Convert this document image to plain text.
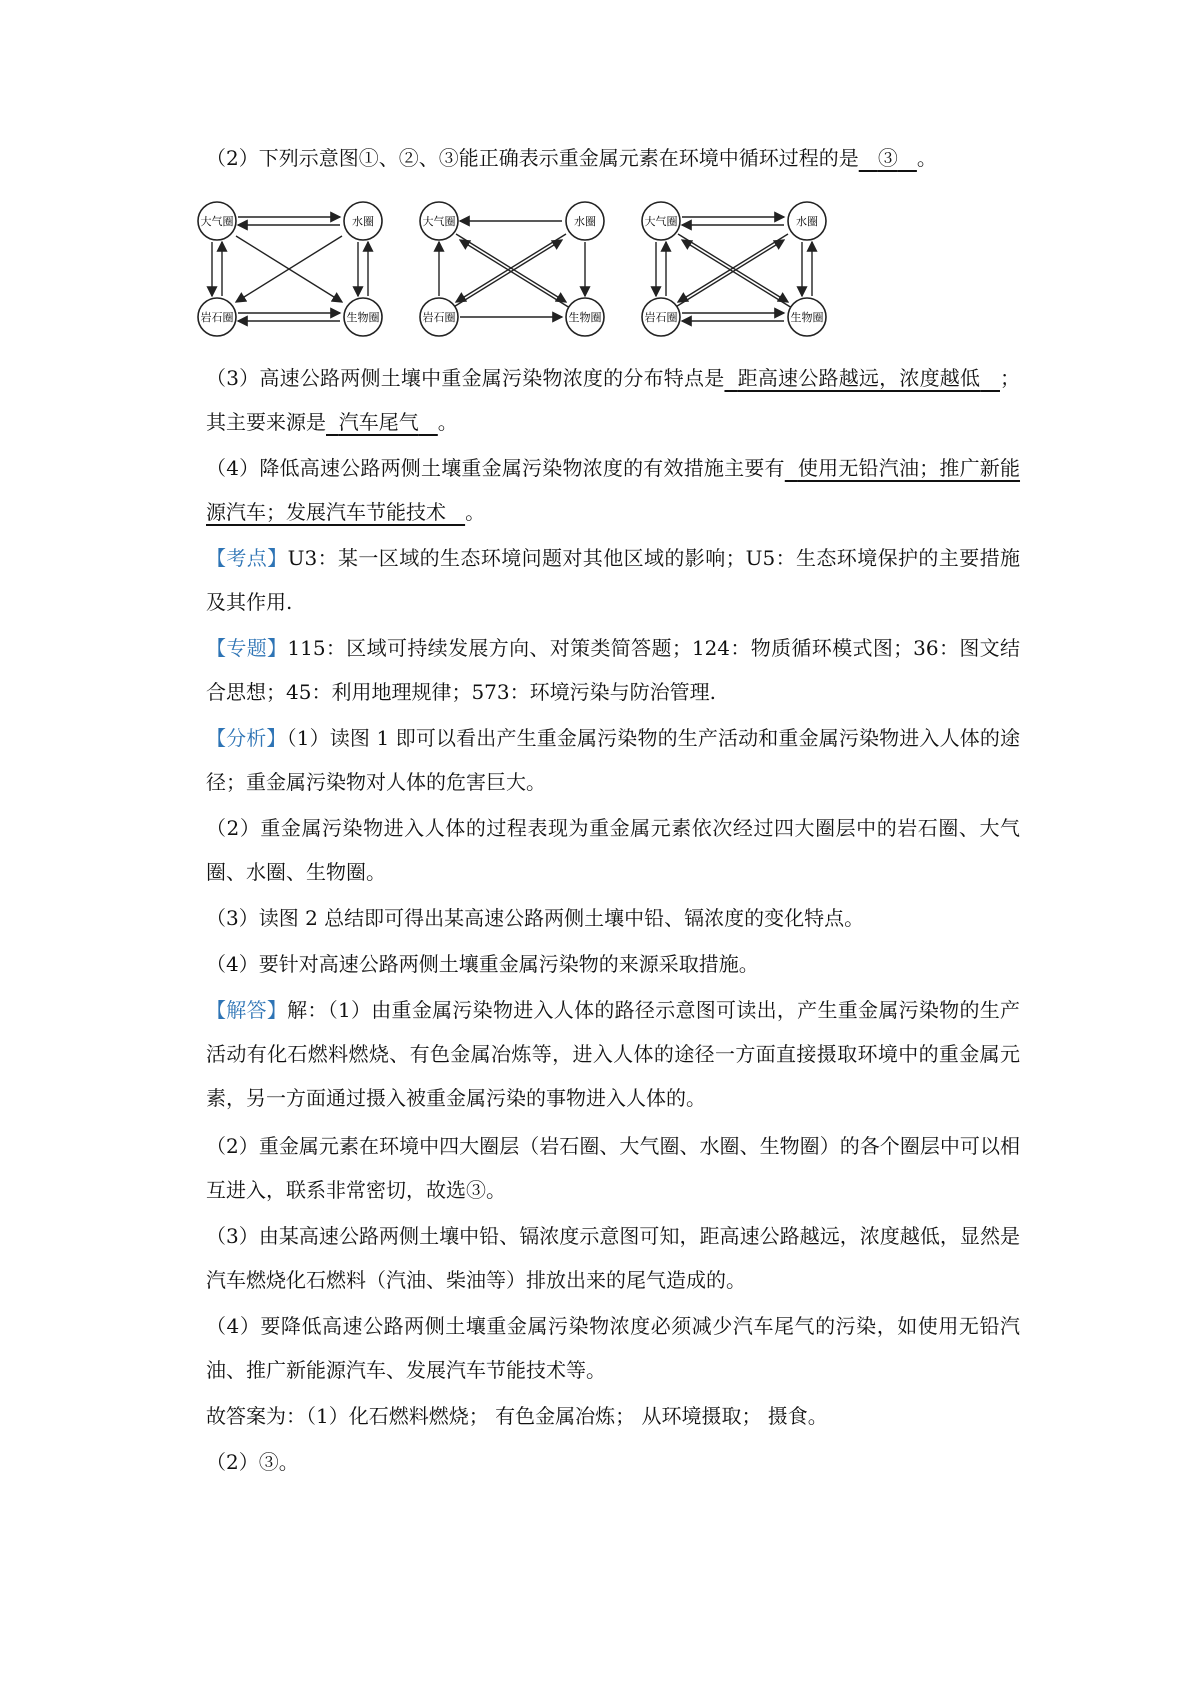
（2）下列示意图①、②、③能正确表示重金属元素在环境中循环过程的是 ③ 。
大气圈	水圈
岩石圈	生物圈
大气圈	水圈
岩石圈	生物圈
大气圈	水圈
岩石圈	生物圈
（3）高速公路两侧土壤中重金属污染物浓度的分布特点是 距高速公路越远，浓度越低 ；其主要来源是 汽车尾气 。
（4）降低高速公路两侧土壤重金属污染物浓度的有效措施主要有 使用无铅汽油；推广新能源汽车；发展汽车节能技术 。
【考点】U3：某一区域的生态环境问题对其他区域的影响；U5：生态环境保护的主要措施及其作用.
【专题】115：区域可持续发展方向、对策类简答题；124：物质循环模式图；36：图文结合思想；45：利用地理规律；573：环境污染与防治管理.
【分析】（1）读图 1 即可以看出产生重金属污染物的生产活动和重金属污染物进入人体的途径；重金属污染物对人体的危害巨大。
（2）重金属污染物进入人体的过程表现为重金属元素依次经过四大圈层中的岩石圈、大气圈、水圈、生物圈。
（3）读图 2 总结即可得出某高速公路两侧土壤中铅、镉浓度的变化特点。
（4）要针对高速公路两侧土壤重金属污染物的来源采取措施。
【解答】解：（1）由重金属污染物进入人体的路径示意图可读出，产生重金属污染物的生产活动有化石燃料燃烧、有色金属冶炼等，进入人体的途径一方面直接摄取环境中的重金属元素，另一方面通过摄入被重金属污染的事物进入人体的。
（2）重金属元素在环境中四大圈层（岩石圈、大气圈、水圈、生物圈）的各个圈层中可以相互进入，联系非常密切，故选③。
（3）由某高速公路两侧土壤中铅、镉浓度示意图可知，距高速公路越远，浓度越低，显然是汽车燃烧化石燃料（汽油、柴油等）排放出来的尾气造成的。
（4）要降低高速公路两侧土壤重金属污染物浓度必须减少汽车尾气的污染，如使用无铅汽油、推广新能源汽车、发展汽车节能技术等。
故答案为：（1）化石燃料燃烧； 有色金属冶炼； 从环境摄取； 摄食。
（2）③。
